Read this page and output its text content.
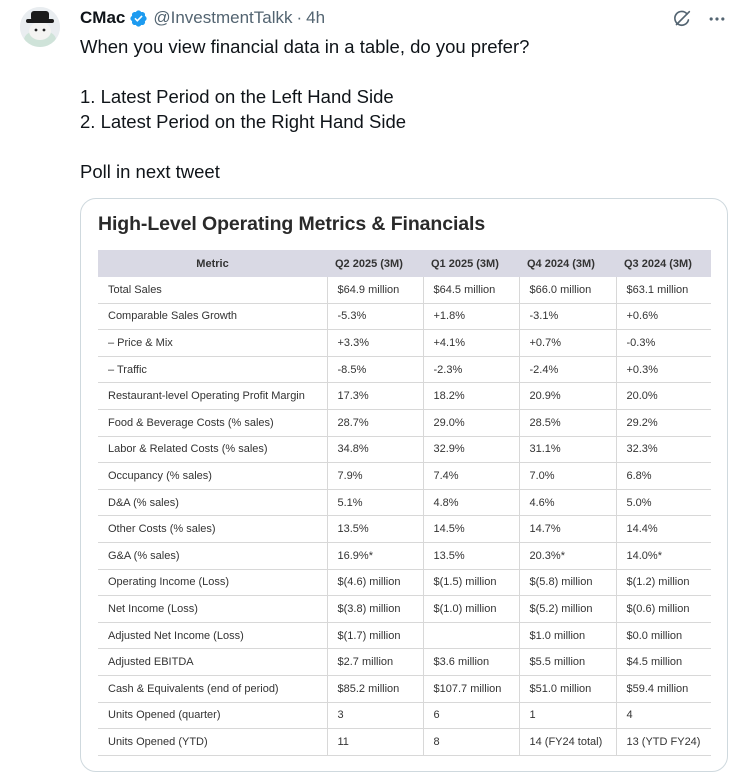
CMac @InvestmentTalkk · 4h

When you view financial data in a table, do you prefer?

1. Latest Period on the Left Hand Side

2. Latest Period on the Right Hand Side

Poll in next tweet

High-Level Operating Metrics & Financials
Metric	Q2 2025 (3M)	Q1 2025 (3M)	Q4 2024 (3M)	Q3 2024 (3M)
Total Sales	$64.9 million	$64.5 million	$66.0 million	$63.1 million
Comparable Sales Growth	-5.3%	+1.8%	-3.1%	+0.6%
– Price & Mix	+3.3%	+4.1%	+0.7%	-0.3%
– Traffic	-8.5%	-2.3%	-2.4%	+0.3%
Restaurant-level Operating Profit Margin	17.3%	18.2%	20.9%	20.0%
Food & Beverage Costs (% sales)	28.7%	29.0%	28.5%	29.2%
Labor & Related Costs (% sales)	34.8%	32.9%	31.1%	32.3%
Occupancy (% sales)	7.9%	7.4%	7.0%	6.8%
D&A (% sales)	5.1%	4.8%	4.6%	5.0%
Other Costs (% sales)	13.5%	14.5%	14.7%	14.4%
G&A (% sales)	16.9%*	13.5%	20.3%*	14.0%*
Operating Income (Loss)	$(4.6) million	$(1.5) million	$(5.8) million	$(1.2) million
Net Income (Loss)	$(3.8) million	$(1.0) million	$(5.2) million	$(0.6) million
Adjusted Net Income (Loss)	$(1.7) million		$1.0 million	$0.0 million
Adjusted EBITDA	$2.7 million	$3.6 million	$5.5 million	$4.5 million
Cash & Equivalents (end of period)	$85.2 million	$107.7 million	$51.0 million	$59.4 million
Units Opened (quarter)	3	6	1	4
Units Opened (YTD)	11	8	14 (FY24 total)	13 (YTD FY24)
